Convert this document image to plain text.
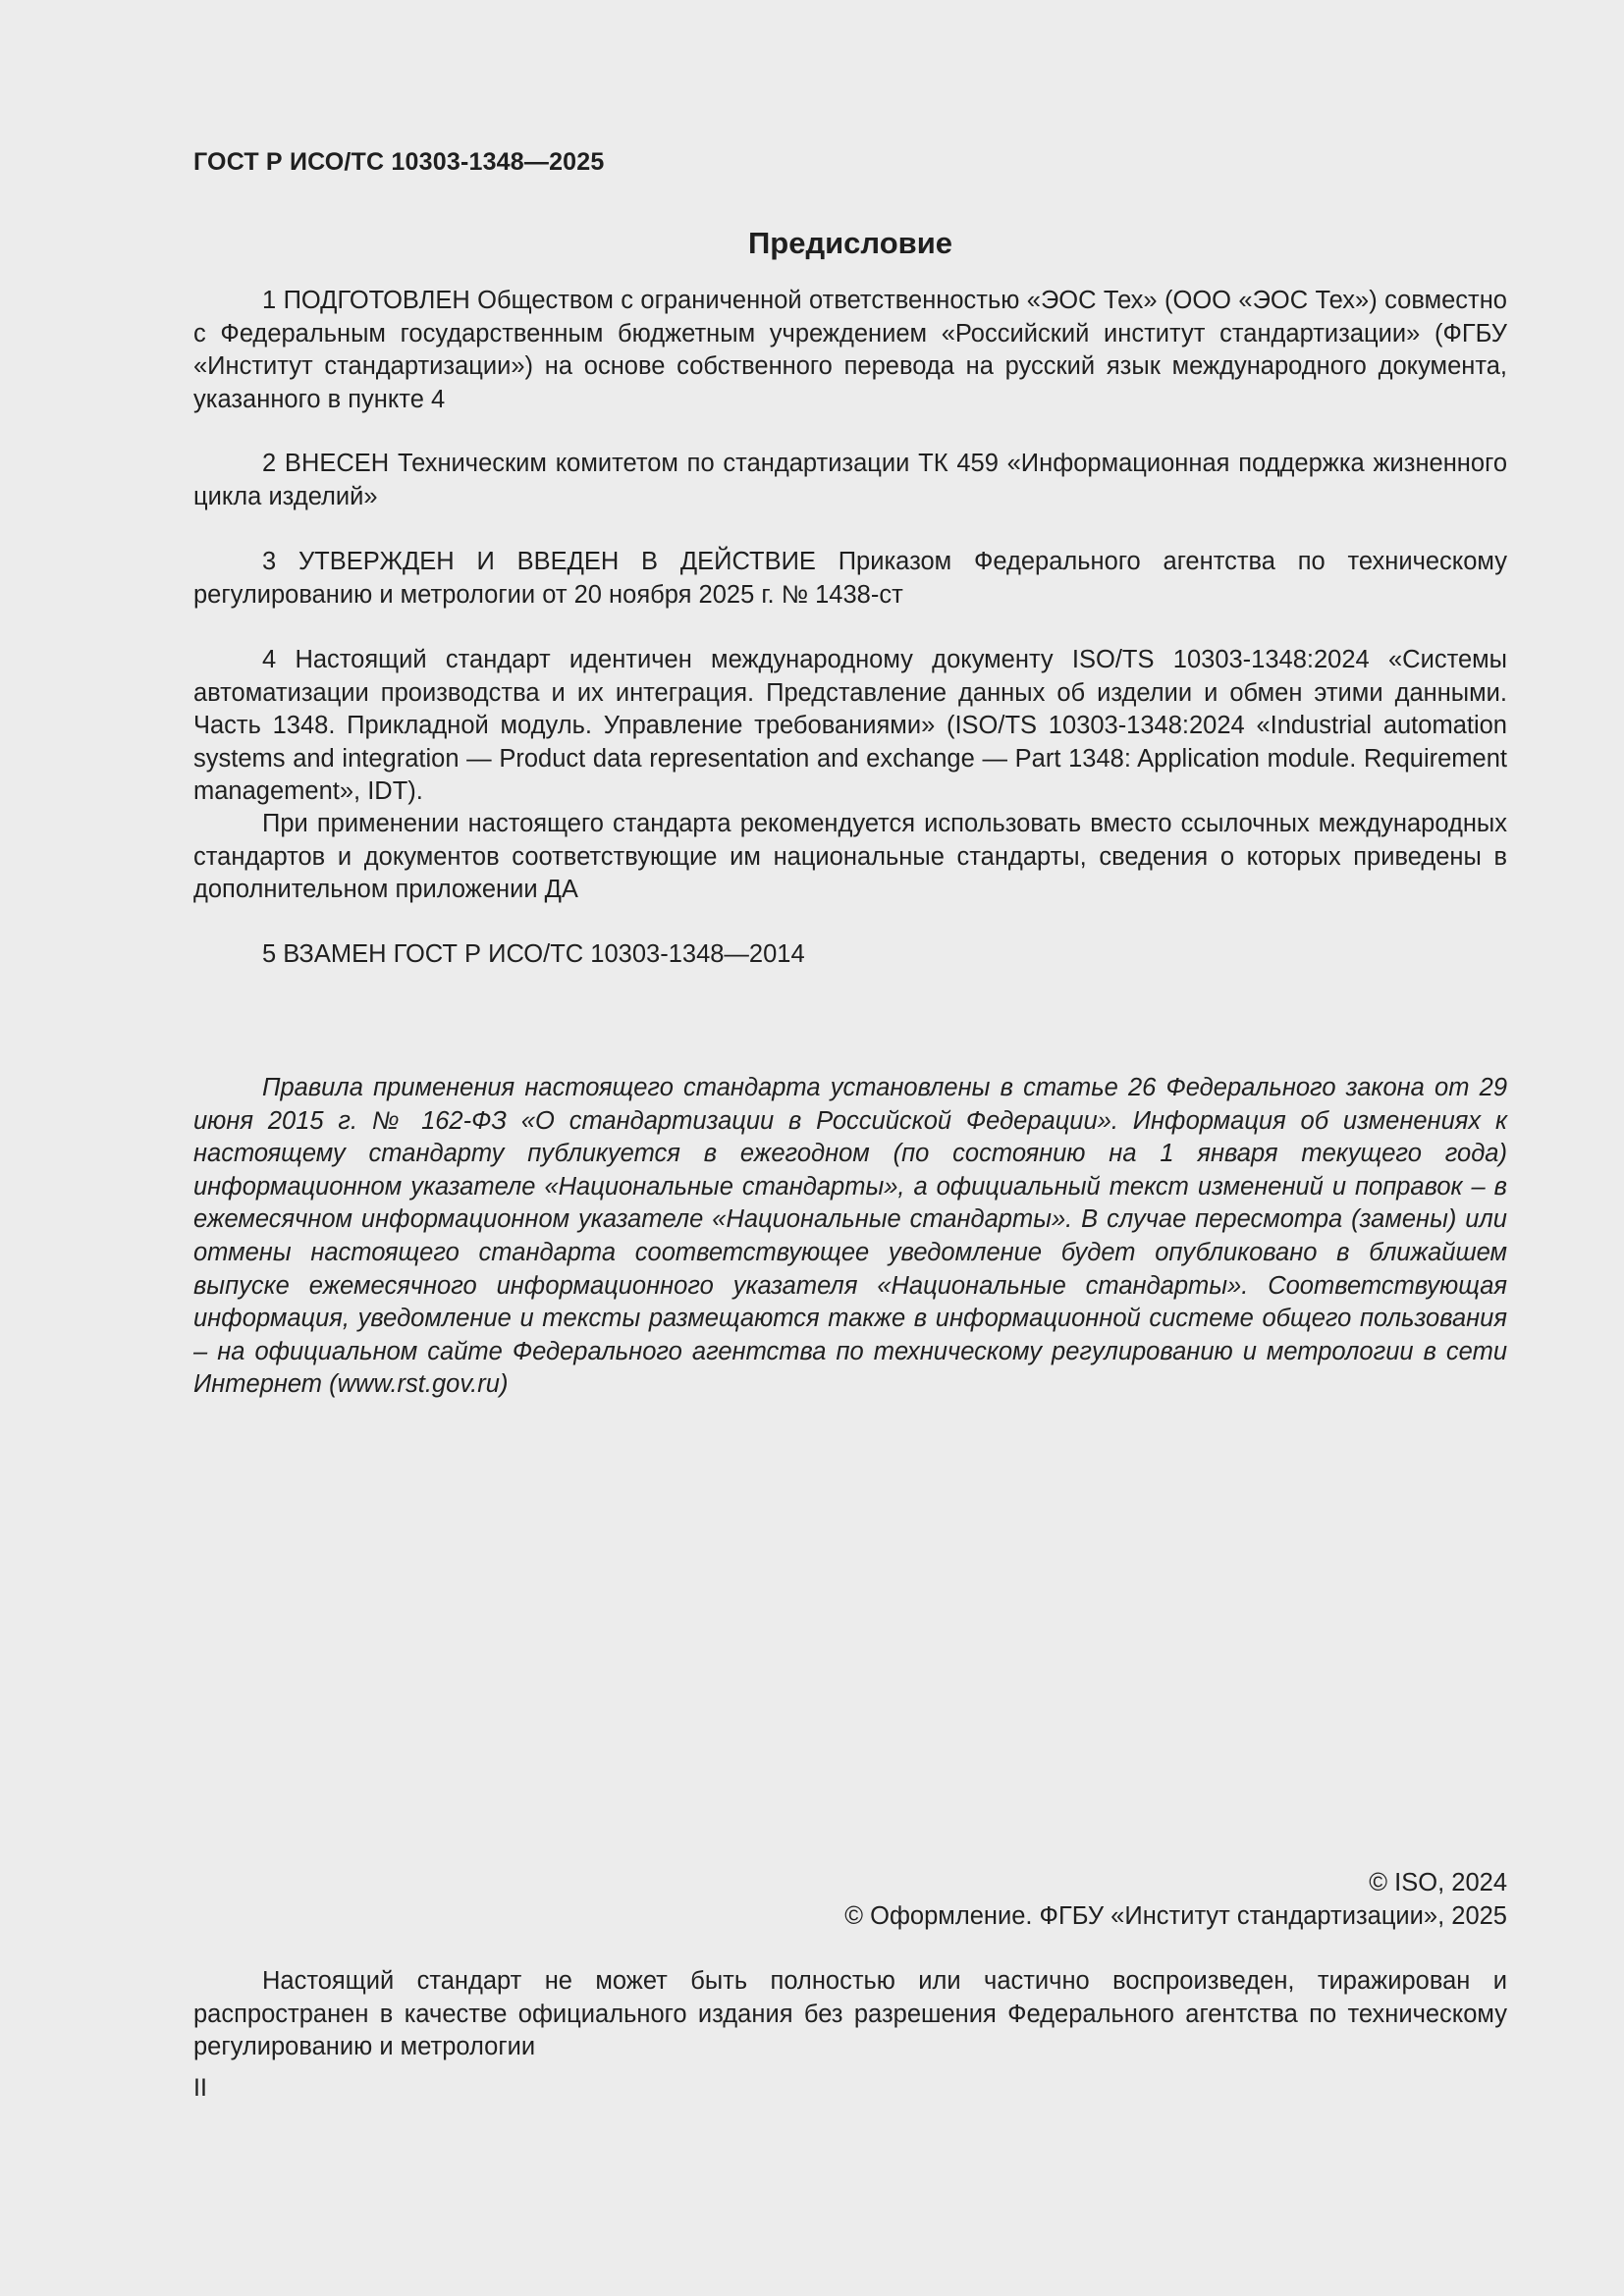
ГОСТ Р ИСО/ТС 10303-1348—2025
Предисловие

1 ПОДГОТОВЛЕН Обществом с ограниченной ответственностью «ЭОС Тех» (ООО «ЭОС Тех») совместно с Федеральным государственным бюджетным учреждением «Российский институт стандартизации» (ФГБУ «Институт стандартизации») на основе собственного перевода на русский язык международного документа, указанного в пункте 4

2 ВНЕСЕН Техническим комитетом по стандартизации ТК 459 «Информационная поддержка жизненного цикла изделий»

3 УТВЕРЖДЕН И ВВЕДЕН В ДЕЙСТВИЕ Приказом Федерального агентства по техническому регулированию и метрологии от 20 ноября 2025 г. № 1438-ст

4 Настоящий стандарт идентичен международному документу ISO/TS 10303-1348:2024 «Системы автоматизации производства и их интеграция. Представление данных об изделии и обмен этими данными. Часть 1348. Прикладной модуль. Управление требованиями» (ISO/TS 10303-1348:2024 «Industrial automation systems and integration — Product data representation and exchange — Part 1348: Application module. Requirement management», IDT).

При применении настоящего стандарта рекомендуется использовать вместо ссылочных международных стандартов и документов соответствующие им национальные стандарты, сведения о которых приведены в дополнительном приложении ДА

5 ВЗАМЕН ГОСТ Р ИСО/ТС 10303-1348—2014

Правила применения настоящего стандарта установлены в статье 26 Федерального закона от 29 июня 2015 г. № 162-ФЗ «О стандартизации в Российской Федерации». Информация об изменениях к настоящему стандарту публикуется в ежегодном (по состоянию на 1 января текущего года) информационном указателе «Национальные стандарты», а официальный текст изменений и поправок – в ежемесячном информационном указателе «Национальные стандарты». В случае пересмотра (замены) или отмены настоящего стандарта соответствующее уведомление будет опубликовано в ближайшем выпуске ежемесячного информационного указателя «Национальные стандарты». Соответствующая информация, уведомление и тексты размещаются также в информационной системе общего пользования – на официальном сайте Федерального агентства по техническому регулированию и метрологии в сети Интернет (www.rst.gov.ru)

© ISO, 2024
© Оформление. ФГБУ «Институт стандартизации», 2025

Настоящий стандарт не может быть полностью или частично воспроизведен, тиражирован и распространен в качестве официального издания без разрешения Федерального агентства по техническому регулированию и метрологии

II
